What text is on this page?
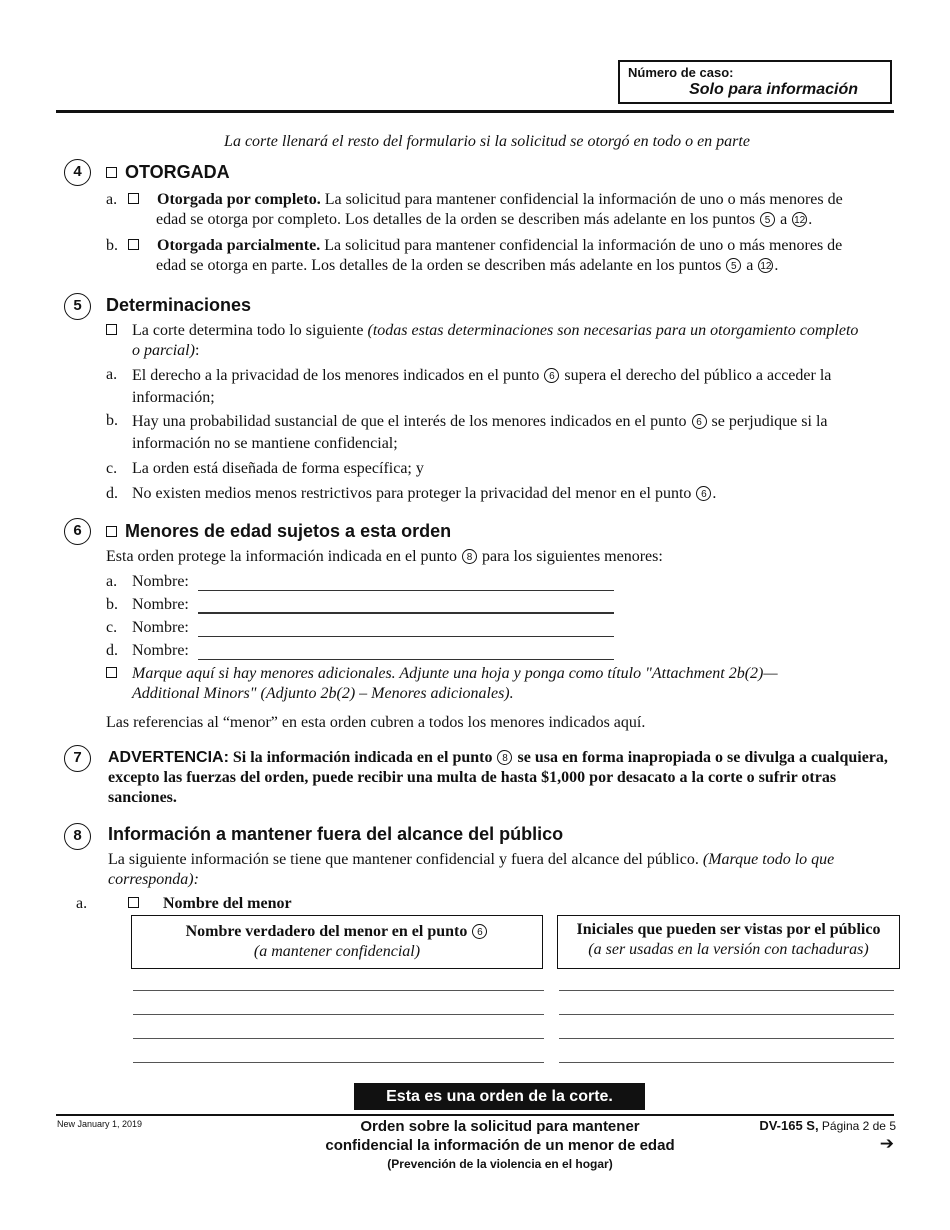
Número de caso:
Solo para información
La corte llenará el resto del formulario si la solicitud se otorgó en todo o en parte
4	OTORGADA
a. Otorgada por completo. La solicitud para mantener confidencial la información de uno o más menores de
edad se otorga por completo. Los detalles de la orden se describen más adelante en los puntos 5 a 12 .
b. Otorgada parcialmente. La solicitud para mantener confidencial la información de uno o más menores de
edad se otorga en parte. Los detalles de la orden se describen más adelante en los puntos 5 a 12 .
5	Determinaciones
La corte determina todo lo siguiente (todas estas determinaciones son necesarias para un otorgamiento completo o parcial):
a. El derecho a la privacidad de los menores indicados en el punto 6 supera el derecho del público a acceder la información;
b. Hay una probabilidad sustancial de que el interés de los menores indicados en el punto 6 se perjudique si la información no se mantiene confidencial;
c. La orden está diseñada de forma específica; y
d. No existen medios menos restrictivos para proteger la privacidad del menor en el punto 6 .
6	Menores de edad sujetos a esta orden
Esta orden protege la información indicada en el punto 8 para los siguientes menores:
a. Nombre:
b. Nombre:
c. Nombre:
d. Nombre:
Marque aquí si hay menores adicionales. Adjunte una hoja y ponga como título "Attachment 2b(2)—Additional Minors" (Adjunto 2b(2) – Menores adicionales).
Las referencias al “menor” en esta orden cubren a todos los menores indicados aquí.
7	ADVERTENCIA: Si la información indicada en el punto 8 se usa en forma inapropiada o se divulga a cualquiera, excepto las fuerzas del orden, puede recibir una multa de hasta $1,000 por desacato a la corte o sufrir otras sanciones.
8	Información a mantener fuera del alcance del público
La siguiente información se tiene que mantener confidencial y fuera del alcance del público. (Marque todo lo que corresponda):
a.	Nombre del menor
Nombre verdadero del menor en el punto 6
(a mantener confidencial)
Iniciales que pueden ser vistas por el público
(a ser usadas en la versión con tachaduras)
Esta es una orden de la corte.
New January 1, 2019	Orden sobre la solicitud para mantener
confidencial la información de un menor de edad
(Prevención de la violencia en el hogar)
DV-165 S, Página 2 de 5
➔
